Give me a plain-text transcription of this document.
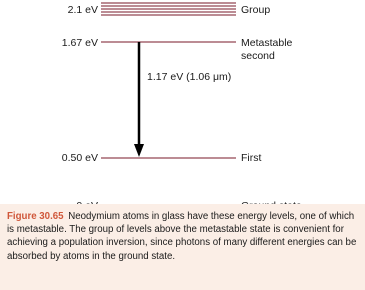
2.1 eV	Group
1.67 eV	Metastable
second
1.17 eV (1.06 μm)
0.50 eV	First
Figure 30.65 Neodymium atoms in glass have these energy levels, one of which is metastable. The group of levels above the metastable state is convenient for achieving a population inversion, since photons of many different energies can be absorbed by atoms in the ground state.
